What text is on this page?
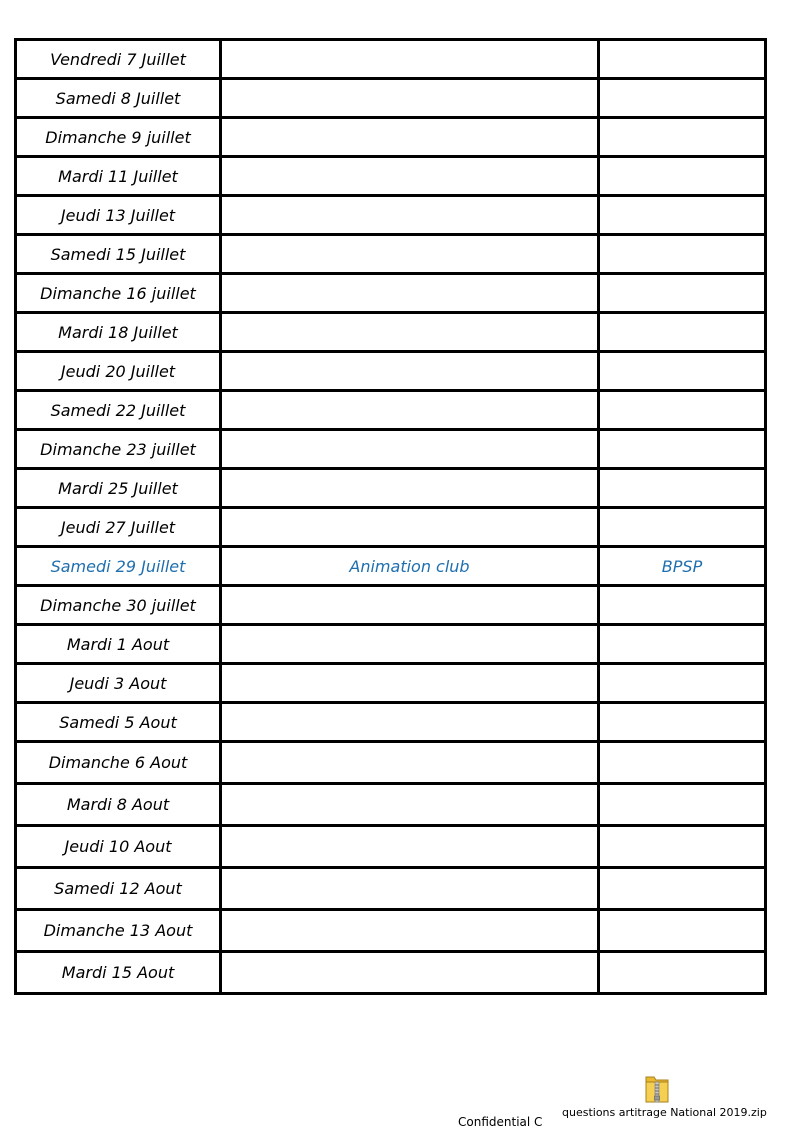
Vendredi 7 Juillet		
Samedi 8 Juillet		
Dimanche 9 juillet		
Mardi 11 Juillet		
Jeudi 13 Juillet		
Samedi 15 Juillet		
Dimanche 16 juillet		
Mardi 18 Juillet		
Jeudi 20 Juillet		
Samedi 22 Juillet		
Dimanche 23 juillet		
Mardi 25 Juillet		
Jeudi 27 Juillet		
Samedi 29 Juillet	Animation club	BPSP
Dimanche 30 juillet		
Mardi 1 Aout		
Jeudi 3 Aout		
Samedi 5 Aout		
Dimanche 6 Aout		
Mardi 8 Aout		
Jeudi 10 Aout		
Samedi 12 Aout		
Dimanche 13 Aout		
Mardi 15 Aout		
Confidential C
questions artitrage National 2019.zip
